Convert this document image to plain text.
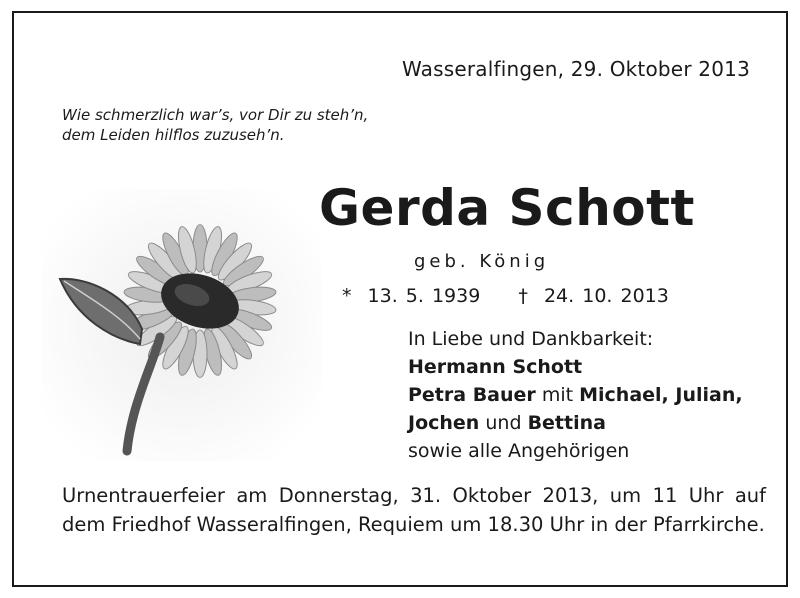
Wasseralfingen, 29. Oktober 2013
Wie schmerzlich war’s, vor Dir zu steh’n,
dem Leiden hilflos zuzuseh’n.
Gerda Schott
geb. König
* 13. 5. 1939 † 24. 10. 2013
In Liebe und Dankbarkeit:
Hermann Schott
Petra Bauer mit Michael, Julian,
Jochen und Bettina
sowie alle Angehörigen
Urnentrauerfeier am Donnerstag, 31. Oktober 2013, um 11 Uhr auf dem Friedhof Wasseralfingen, Requiem um 18.30 Uhr in der Pfarrkirche.
